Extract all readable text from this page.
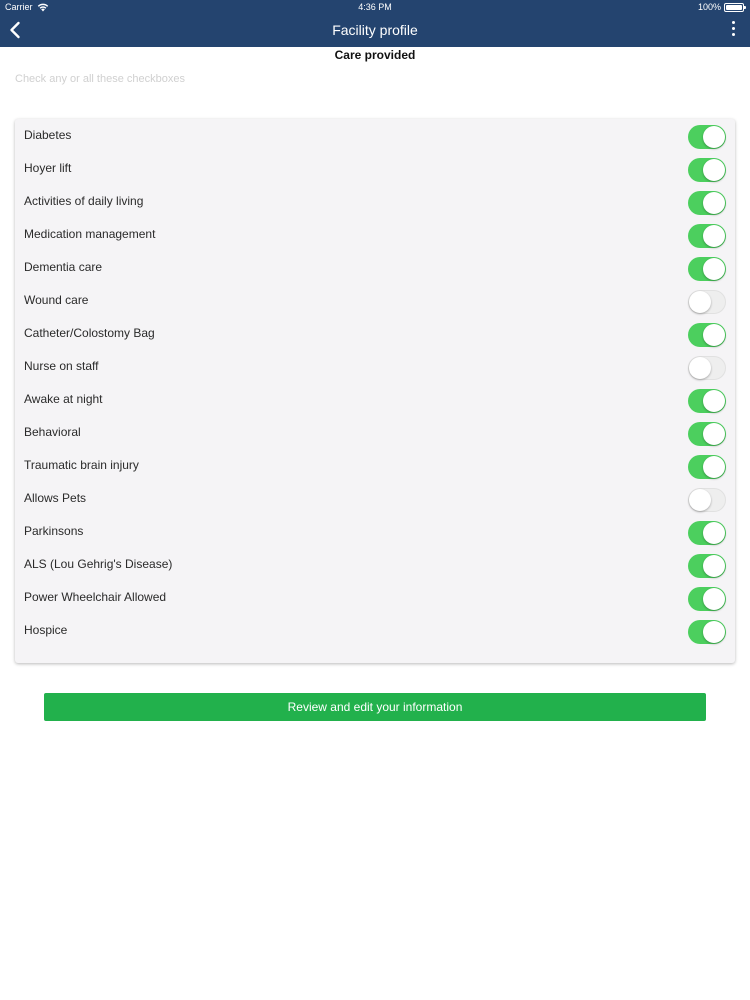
Carrier	4:36 PM	100%
Facility profile
Care provided
Check any or all these checkboxes
Diabetes
Hoyer lift
Activities of daily living
Medication management
Dementia care
Wound care
Catheter/Colostomy Bag
Nurse on staff
Awake at night
Behavioral
Traumatic brain injury
Allows Pets
Parkinsons
ALS (Lou Gehrig's Disease)
Power Wheelchair Allowed
Hospice
Review and edit your information
